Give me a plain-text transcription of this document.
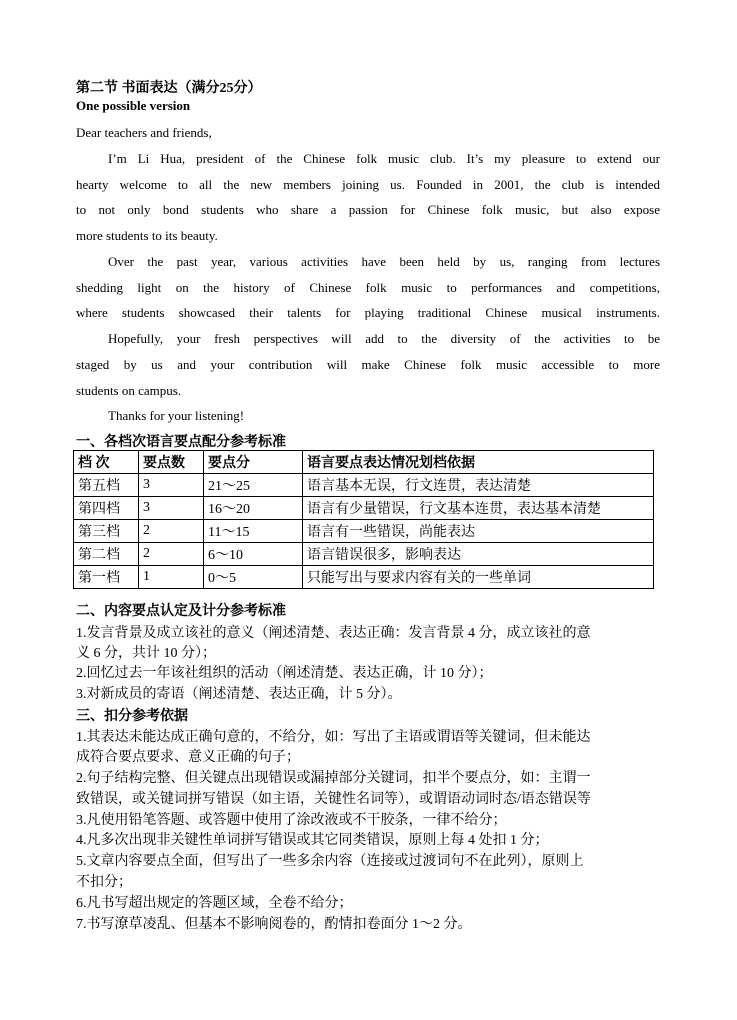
第二节 书面表达（满分25分）
One possible version
Dear teachers and friends,
I’m Li Hua, president of the Chinese folk music club. It’s my pleasure to extend our
hearty welcome to all the new members joining us. Founded in 2001, the club is intended
to not only bond students who share a passion for Chinese folk music, but also expose
more students to its beauty.
Over the past year, various activities have been held by us, ranging from lectures
shedding light on the history of Chinese folk music to performances and competitions,
where students showcased their talents for playing traditional Chinese musical instruments.
Hopefully, your fresh perspectives will add to the diversity of the activities to be
staged by us and your contribution will make Chinese folk music accessible to more
students on campus.
Thanks for your listening!
一、各档次语言要点配分参考标准
档 次	要点数	要点分	语言要点表达情况划档依据
第五档	3	21～25	语言基本无误，行文连贯，表达清楚
第四档	3	16～20	语言有少量错误，行文基本连贯，表达基本清楚
第三档	2	11～15	语言有一些错误，尚能表达
第二档	2	6～10	语言错误很多，影响表达
第一档	1	0～5	只能写出与要求内容有关的一些单词
二、内容要点认定及计分参考标准
1.发言背景及成立该社的意义（阐述清楚、表达正确：发言背景 4 分，成立该社的意
义 6 分，共计 10 分）；
2.回忆过去一年该社组织的活动（阐述清楚、表达正确，计 10 分）；
3.对新成员的寄语（阐述清楚、表达正确，计 5 分）。
三、扣分参考依据
1.其表达未能达成正确句意的，不给分，如：写出了主语或谓语等关键词，但未能达
成符合要点要求、意义正确的句子；
2.句子结构完整、但关键点出现错误或漏掉部分关键词，扣半个要点分，如：主谓一
致错误，或关键词拼写错误（如主语，关键性名词等），或谓语动词时态/语态错误等
3.凡使用铅笔答题、或答题中使用了涂改液或不干胶条，一律不给分；
4.凡多次出现非关键性单词拼写错误或其它同类错误，原则上每 4 处扣 1 分；
5.文章内容要点全面，但写出了一些多余内容（连接或过渡词句不在此列），原则上
不扣分；
6.凡书写超出规定的答题区域，全卷不给分；
7.书写潦草凌乱、但基本不影响阅卷的，酌情扣卷面分 1～2 分。
